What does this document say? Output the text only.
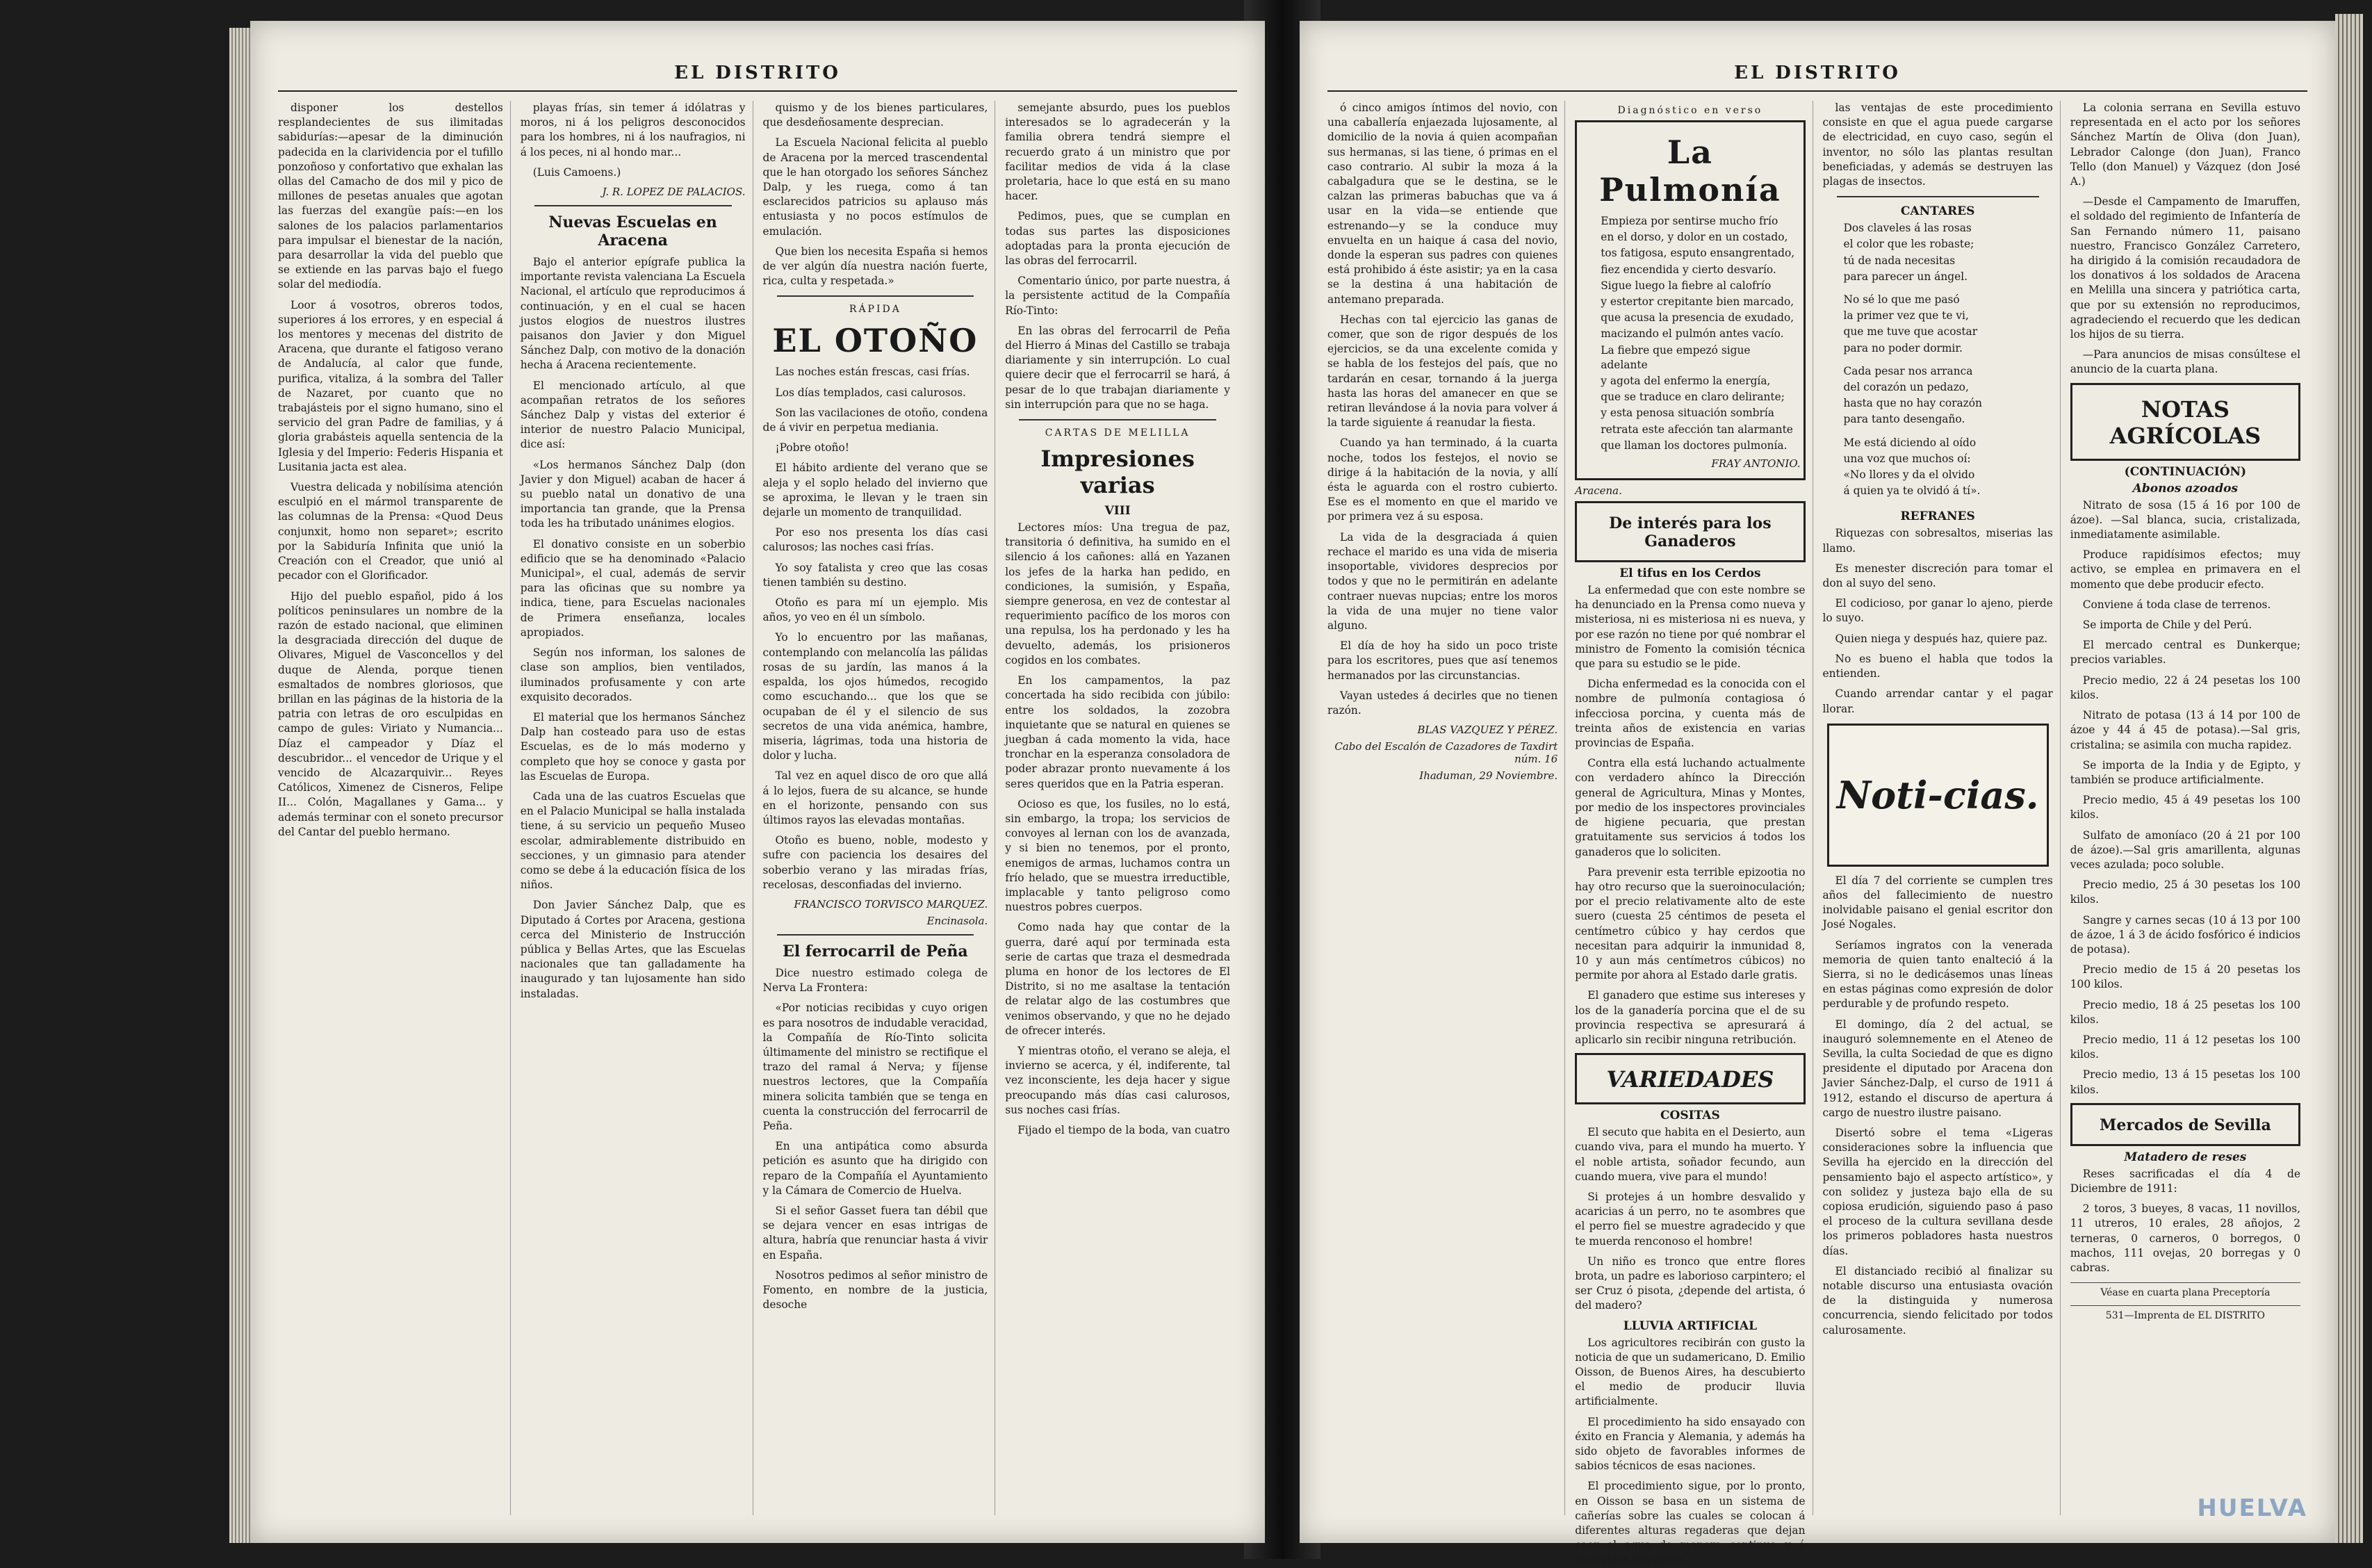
EL DISTRITO

disponer los destellos resplandecientes de sus ilimitadas sabidurías:—apesar de la diminución padecida en la clarividencia por el tufillo ponzoñoso y confortativo que exhalan las ollas del Camacho de dos mil y pico de millones de pesetas anuales que agotan las fuerzas del exangüe país:—en los salones de los palacios parlamentarios para impulsar el bienestar de la nación, para desarrollar la vida del pueblo que se extiende en las parvas bajo el fuego solar del mediodía.

Loor á vosotros, obreros todos, superiores á los errores, y en especial á los mentores y mecenas del distrito de Aracena, que durante el fatigoso verano de Andalucía, al calor que funde, purifica, vitaliza, á la sombra del Taller de Nazaret, por cuanto que no trabajásteis por el signo humano, sino el servicio del gran Padre de familias, y á gloria grabásteis aquella sentencia de la Iglesia y del Imperio: Federis Hispania et Lusitania jacta est alea.

Vuestra delicada y nobilísima atención esculpió en el mármol transparente de las columnas de la Prensa: «Quod Deus conjunxit, homo non separet»; escrito por la Sabiduría Infinita que unió la Creación con el Creador, que unió al pecador con el Glorificador.

Hijo del pueblo español, pido á los políticos peninsulares un nombre de la razón de estado nacional, que eliminen la desgraciada dirección del duque de Olivares, Miguel de Vasconcellos y del duque de Alenda, porque tienen esmaltados de nombres gloriosos, que brillan en las páginas de la historia de la patria con letras de oro esculpidas en campo de gules: Viriato y Numancia... Díaz el campeador y Díaz el descubridor... el vencedor de Urique y el vencido de Alcazarquivir... Reyes Católicos, Ximenez de Cisneros, Felipe II... Colón, Magallanes y Gama... y además terminar con el soneto precursor del Cantar del pueblo hermano.

playas frías, sin temer á idólatras y moros, ni á los peligros desconocidos para los hombres, ni á los naufragios, ni á los peces, ni al hondo mar...

(Luis Camoens.)

J. R. LOPEZ DE PALACIOS.
Nuevas Escuelas en Aracena

Bajo el anterior epígrafe publica la importante revista valenciana La Escuela Nacional, el artículo que reproducimos á continuación, y en el cual se hacen justos elogios de nuestros ilustres paisanos don Javier y don Miguel Sánchez Dalp, con motivo de la donación hecha á Aracena recientemente.

El mencionado artículo, al que acompañan retratos de los señores Sánchez Dalp y vistas del exterior é interior de nuestro Palacio Municipal, dice así:

«Los hermanos Sánchez Dalp (don Javier y don Miguel) acaban de hacer á su pueblo natal un donativo de una importancia tan grande, que la Prensa toda les ha tributado unánimes elogios.

El donativo consiste en un soberbio edificio que se ha denominado «Palacio Municipal», el cual, además de servir para las oficinas que su nombre ya indica, tiene, para Escuelas nacionales de Primera enseñanza, locales apropiados.

Según nos informan, los salones de clase son amplios, bien ventilados, iluminados profusamente y con arte exquisito decorados.

El material que los hermanos Sánchez Dalp han costeado para uso de estas Escuelas, es de lo más moderno y completo que hoy se conoce y gasta por las Escuelas de Europa.

Cada una de las cuatros Escuelas que en el Palacio Municipal se halla instalada tiene, á su servicio un pequeño Museo escolar, admirablemente distribuido en secciones, y un gimnasio para atender como se debe á la educación física de los niños.

Don Javier Sánchez Dalp, que es Diputado á Cortes por Aracena, gestiona cerca del Ministerio de Instrucción pública y Bellas Artes, que las Escuelas nacionales que tan galladamente ha inaugurado y tan lujosamente han sido instaladas.

quismo y de los bienes particulares, que desdeñosamente desprecian.

La Escuela Nacional felicita al pueblo de Aracena por la merced trascendental que le han otorgado los señores Sánchez Dalp, y les ruega, como á tan esclarecidos patricios su aplauso más entusiasta y no pocos estímulos de emulación.

Que bien los necesita España si hemos de ver algún día nuestra nación fuerte, rica, culta y respetada.»

RÁPIDA
EL OTOÑO

Las noches están frescas, casi frías.

Los días templados, casi calurosos.

Son las vacilaciones de otoño, condena de á vivir en perpetua mediania.

¡Pobre otoño!

El hábito ardiente del verano que se aleja y el soplo helado del invierno que se aproxima, le llevan y le traen sin dejarle un momento de tranquilidad.

Por eso nos presenta los días casi calurosos; las noches casi frías.

Yo soy fatalista y creo que las cosas tienen también su destino.

Otoño es para mí un ejemplo. Mis años, yo veo en él un símbolo.

Yo lo encuentro por las mañanas, contemplando con melancolía las pálidas rosas de su jardín, las manos á la espalda, los ojos húmedos, recogido como escuchando... que los que se ocupaban de él y el silencio de sus secretos de una vida anémica, hambre, miseria, lágrimas, toda una historia de dolor y lucha.

Tal vez en aquel disco de oro que allá á lo lejos, fuera de su alcance, se hunde en el horizonte, pensando con sus últimos rayos las elevadas montañas.

Otoño es bueno, noble, modesto y sufre con paciencia los desaires del soberbio verano y las miradas frías, recelosas, desconfiadas del invierno.

FRANCISCO TORVISCO MARQUEZ.
Encinasola.
El ferrocarril de Peña

Dice nuestro estimado colega de Nerva La Frontera:

«Por noticias recibidas y cuyo origen es para nosotros de indudable veracidad, la Compañía de Río-Tinto solicita últimamente del ministro se rectifique el trazo del ramal á Nerva; y fíjense nuestros lectores, que la Compañía minera solicita también que se tenga en cuenta la construcción del ferrocarril de Peña.

En una antipática como absurda petición es asunto que ha dirigido con reparo de la Compañía el Ayuntamiento y la Cámara de Comercio de Huelva.

Si el señor Gasset fuera tan débil que se dejara vencer en esas intrigas de altura, habría que renunciar hasta á vivir en España.

Nosotros pedimos al señor ministro de Fomento, en nombre de la justicia, desoche

semejante absurdo, pues los pueblos interesados se lo agradecerán y la familia obrera tendrá siempre el recuerdo grato á un ministro que por facilitar medios de vida á la clase proletaria, hace lo que está en su mano hacer.

Pedimos, pues, que se cumplan en todas sus partes las disposiciones adoptadas para la pronta ejecución de las obras del ferrocarril.

Comentario único, por parte nuestra, á la persistente actitud de la Compañía Río-Tinto:

En las obras del ferrocarril de Peña del Hierro á Minas del Castillo se trabaja diariamente y sin interrupción. Lo cual quiere decir que el ferrocarril se hará, á pesar de lo que trabajan diariamente y sin interrupción para que no se haga.

CARTAS DE MELILLA
Impresiones varias
VIII

Lectores míos: Una tregua de paz, transitoria ó definitiva, ha sumido en el silencio á los cañones: allá en Yazanen los jefes de la harka han pedido, en condiciones, la sumisión, y España, siempre generosa, en vez de contestar al requerimiento pacífico de los moros con una repulsa, los ha perdonado y les ha devuelto, además, los prisioneros cogidos en los combates.

En los campamentos, la paz concertada ha sido recibida con júbilo: entre los soldados, la zozobra inquietante que se natural en quienes se juegban á cada momento la vida, hace tronchar en la esperanza consoladora de poder abrazar pronto nuevamente á los seres queridos que en la Patria esperan.

Ocioso es que, los fusiles, no lo está, sin embargo, la tropa; los servicios de convoyes al lernan con los de avanzada, y si bien no tenemos, por el pronto, enemigos de armas, luchamos contra un frío helado, que se muestra irreductible, implacable y tanto peligroso como nuestros pobres cuerpos.

Como nada hay que contar de la guerra, daré aquí por terminada esta serie de cartas que traza el desmedrada pluma en honor de los lectores de El Distrito, si no me asaltase la tentación de relatar algo de las costumbres que venimos observando, y que no he dejado de ofrecer interés.

Y mientras otoño, el verano se aleja, el invierno se acerca, y él, indiferente, tal vez inconsciente, les deja hacer y sigue preocupando más días casi calurosos, sus noches casi frías.

Fijado el tiempo de la boda, van cuatro

EL DISTRITO

ó cinco amigos íntimos del novio, con una caballería enjaezada lujosamente, al domicilio de la novia á quien acompañan sus hermanas, si las tiene, ó primas en el caso contrario. Al subir la moza á la cabalgadura que se le destina, se le calzan las primeras babuchas que va á usar en la vida—se entiende que estrenando—y se la conduce muy envuelta en un haique á casa del novio, donde la esperan sus padres con quienes está prohibido á éste asistir; ya en la casa se la destina á una habitación de antemano preparada.

Hechas con tal ejercicio las ganas de comer, que son de rigor después de los ejercicios, se da una excelente comida y se habla de los festejos del país, que no tardarán en cesar, tornando á la juerga hasta las horas del amanecer en que se retiran llevándose á la novia para volver á la tarde siguiente á reanudar la fiesta.

Cuando ya han terminado, á la cuarta noche, todos los festejos, el novio se dirige á la habitación de la novia, y allí ésta le aguarda con el rostro cubierto. Ese es el momento en que el marido ve por primera vez á su esposa.

La vida de la desgraciada á quien rechace el marido es una vida de miseria insoportable, vividores desprecios por todos y que no le permitirán en adelante contraer nuevas nupcias; entre los moros la vida de una mujer no tiene valor alguno.

El día de hoy ha sido un poco triste para los escritores, pues que así tenemos hermanados por las circunstancias.

Vayan ustedes á decirles que no tienen razón.

BLAS VAZQUEZ Y PÉREZ.
Cabo del Escalón de Cazadores de Taxdirt núm. 16
Ihaduman, 29 Noviembre.
Diagnóstico en verso
La Pulmonía

Empieza por sentirse mucho frío

en el dorso, y dolor en un costado,

tos fatigosa, esputo ensangrentado,

fiez encendida y cierto desvarío.

Sigue luego la fiebre al calofrío

y estertor crepitante bien marcado,

que acusa la presencia de exudado,

macizando el pulmón antes vacío.

La fiebre que empezó sigue adelante

y agota del enfermo la energía,

que se traduce en claro delirante;

y esta penosa situación sombría

retrata este afección tan alarmante

que llaman los doctores pulmonía.

FRAY ANTONIO.
Aracena.
De interés para los Ganaderos
El tifus en los Cerdos

La enfermedad que con este nombre se ha denunciado en la Prensa como nueva y misteriosa, ni es misteriosa ni es nueva, y por ese razón no tiene por qué nombrar el ministro de Fomento la comisión técnica que para su estudio se le pide.

Dicha enfermedad es la conocida con el nombre de pulmonía contagiosa ó infecciosa porcina, y cuenta más de treinta años de existencia en varias provincias de España.

Contra ella está luchando actualmente con verdadero ahínco la Dirección general de Agricultura, Minas y Montes, por medio de los inspectores provinciales de higiene pecuaria, que prestan gratuitamente sus servicios á todos los ganaderos que lo soliciten.

Para prevenir esta terrible epizootia no hay otro recurso que la sueroinoculación; por el precio relativamente alto de este suero (cuesta 25 céntimos de peseta el centímetro cúbico y hay cerdos que necesitan para adquirir la inmunidad 8, 10 y aun más centímetros cúbicos) no permite por ahora al Estado darle gratis.

El ganadero que estime sus intereses y los de la ganadería porcina que el de su provincia respectiva se apresurará á aplicarlo sin recibir ninguna retribución.

VARIEDADES
COSITAS

El secuto que habita en el Desierto, aun cuando viva, para el mundo ha muerto. Y el noble artista, soñador fecundo, aun cuando muera, vive para el mundo!

Si protejes á un hombre desvalido y acaricias á un perro, no te asombres que el perro fiel se muestre agradecido y que te muerda renconoso el hombre!

Un niño es tronco que entre flores brota, un padre es laborioso carpintero; el ser Cruz ó pisota, ¿depende del artista, ó del madero?

LLUVIA ARTIFICIAL

Los agricultores recibirán con gusto la noticia de que un sudamericano, D. Emilio Oisson, de Buenos Aires, ha descubierto el medio de producir lluvia artificialmente.

El procedimiento ha sido ensayado con éxito en Francia y Alemania, y además ha sido objeto de favorables informes de sabios técnicos de esas naciones.

El procedimiento sigue, por lo pronto, en Oisson se basa en un sistema de cañerías sobre las cuales se colocan á diferentes alturas regaderas que dejan caer el agua de manera continua y á intervalos regulares.

las ventajas de este procedimiento consiste en que el agua puede cargarse de electricidad, en cuyo caso, según el inventor, no sólo las plantas resultan beneficiadas, y además se destruyen las plagas de insectos.

CANTARES

Dos claveles á las rosas

el color que les robaste;

tú de nada necesitas

para parecer un ángel.

No sé lo que me pasó

la primer vez que te vi,

que me tuve que acostar

para no poder dormir.

Cada pesar nos arranca

del corazón un pedazo,

hasta que no hay corazón

para tanto desengaño.

Me está diciendo al oído

una voz que muchos oí:

«No llores y da el olvido

á quien ya te olvidó á tí».

REFRANES

Riquezas con sobresaltos, miserias las llamo.

Es menester discreción para tomar el don al suyo del seno.

El codicioso, por ganar lo ajeno, pierde lo suyo.

Quien niega y después haz, quiere paz.

No es bueno el habla que todos la entienden.

Cuando arrendar cantar y el pagar llorar.

Noti-cias.

El día 7 del corriente se cumplen tres años del fallecimiento de nuestro inolvidable paisano el genial escritor don José Nogales.

Seríamos ingratos con la venerada memoria de quien tanto enalteció á la Sierra, si no le dedicásemos unas líneas en estas páginas como expresión de dolor perdurable y de profundo respeto.

El domingo, día 2 del actual, se inauguró solemnemente en el Ateneo de Sevilla, la culta Sociedad de que es digno presidente el diputado por Aracena don Javier Sánchez-Dalp, el curso de 1911 á 1912, estando el discurso de apertura á cargo de nuestro ilustre paisano.

Disertó sobre el tema «Ligeras consideraciones sobre la influencia que Sevilla ha ejercido en la dirección del pensamiento bajo el aspecto artístico», y con solidez y justeza bajo ella de su copiosa erudición, siguiendo paso á paso el proceso de la cultura sevillana desde los primeros pobladores hasta nuestros días.

El distanciado recibió al finalizar su notable discurso una entusiasta ovación de la distinguida y numerosa concurrencia, siendo felicitado por todos calurosamente.

La colonia serrana en Sevilla estuvo representada en el acto por los señores Sánchez Martín de Oliva (don Juan), Lebrador Calonge (don Juan), Franco Tello (don Manuel) y Vázquez (don José A.)

—Desde el Campamento de Imaruffen, el soldado del regimiento de Infantería de San Fernando número 11, paisano nuestro, Francisco González Carretero, ha dirigido á la comisión recaudadora de los donativos á los soldados de Aracena en Melilla una sincera y patriótica carta, que por su extensión no reproducimos, agradeciendo el recuerdo que les dedican los hijos de su tierra.

—Para anuncios de misas consúltese el anuncio de la cuarta plana.

NOTAS AGRÍCOLAS
(CONTINUACIÓN)
Abonos azoados

Nitrato de sosa (15 á 16 por 100 de ázoe). —Sal blanca, sucia, cristalizada, inmediatamente asimilable.

Produce rapidísimos efectos; muy activo, se emplea en primavera en el momento que debe producir efecto.

Conviene á toda clase de terrenos.

Se importa de Chile y del Perú.

El mercado central es Dunkerque; precios variables.

Precio medio, 22 á 24 pesetas los 100 kilos.

Nitrato de potasa (13 á 14 por 100 de ázoe y 44 á 45 de potasa).—Sal gris, cristalina; se asimila con mucha rapidez.

Se importa de la India y de Egipto, y también se produce artificialmente.

Precio medio, 45 á 49 pesetas los 100 kilos.

Sulfato de amoníaco (20 á 21 por 100 de ázoe).—Sal gris amarillenta, algunas veces azulada; poco soluble.

Precio medio, 25 á 30 pesetas los 100 kilos.

Sangre y carnes secas (10 á 13 por 100 de ázoe, 1 á 3 de ácido fosfórico é indicios de potasa).

Precio medio de 15 á 20 pesetas los 100 kilos.

Precio medio, 18 á 25 pesetas los 100 kilos.

Precio medio, 11 á 12 pesetas los 100 kilos.

Precio medio, 13 á 15 pesetas los 100 kilos.

Mercados de Sevilla
Matadero de reses

Reses sacrificadas el día 4 de Diciembre de 1911:

2 toros, 3 bueyes, 8 vacas, 11 novillos, 11 utreros, 10 erales, 28 añojos, 2 terneras, 0 carneros, 0 borregos, 0 machos, 111 ovejas, 20 borregas y 0 cabras.

Véase en cuarta plana Preceptoría
531—Imprenta de EL DISTRITO
HUELVA
